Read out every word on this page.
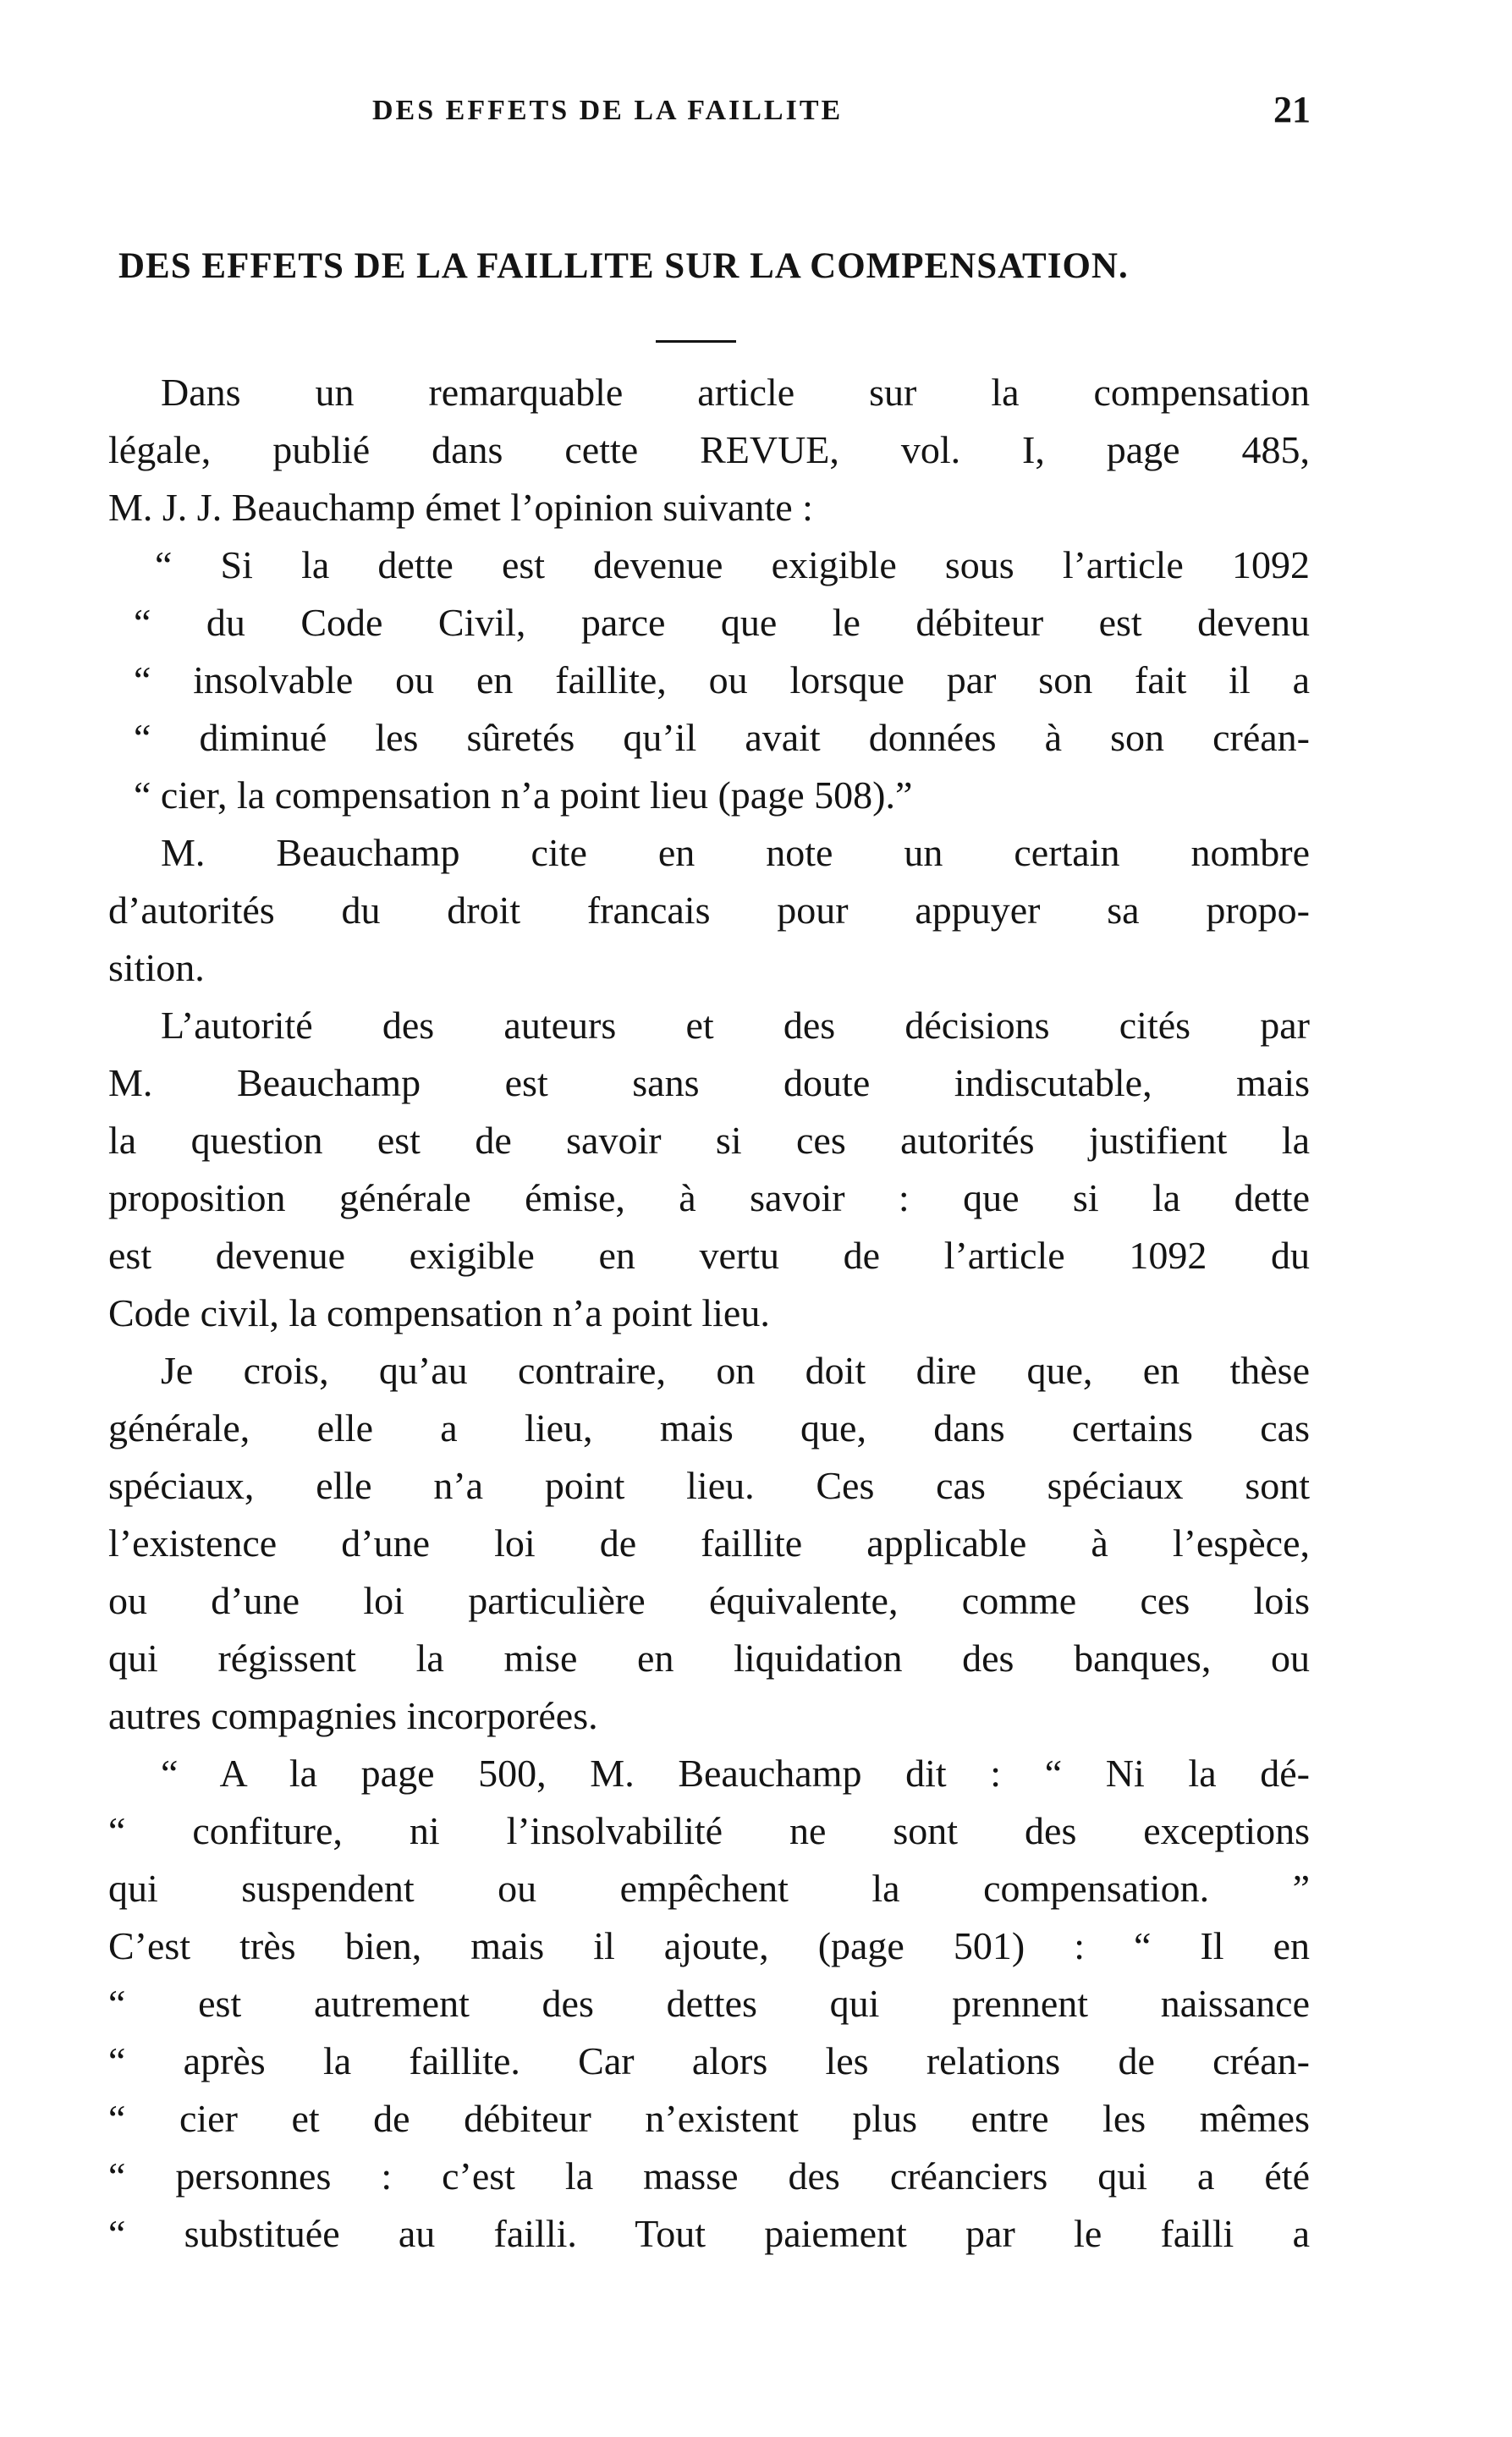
DES EFFETS DE LA FAILLITE	21
DES EFFETS DE LA FAILLITE SUR LA COMPENSATION.
Dans un remarquable article sur la compensation
légale, publié dans cette REVUE, vol. I, page 485,
M. J. J. Beauchamp émet l’opinion suivante :
“ Si la dette est devenue exigible sous l’article 1092
“ du Code Civil, parce que le débiteur est devenu
“ insolvable ou en faillite, ou lorsque par son fait il a
“ diminué les sûretés qu’il avait données à son créan-
“ cier, la compensation n’a point lieu (page 508).”
M. Beauchamp cite en note un certain nombre
d’autorités du droit francais pour appuyer sa propo-
sition.
L’autorité des auteurs et des décisions cités par
M. Beauchamp est sans doute indiscutable, mais
la question est de savoir si ces autorités justifient la
proposition générale émise, à savoir : que si la dette
est devenue exigible en vertu de l’article 1092 du
Code civil, la compensation n’a point lieu.
Je crois, qu’au contraire, on doit dire que, en thèse
générale, elle a lieu, mais que, dans certains cas
spéciaux, elle n’a point lieu. Ces cas spéciaux sont
l’existence d’une loi de faillite applicable à l’espèce,
ou d’une loi particulière équivalente, comme ces lois
qui régissent la mise en liquidation des banques, ou
autres compagnies incorporées.
“ A la page 500, M. Beauchamp dit : “ Ni la dé-
“ confiture, ni l’insolvabilité ne sont des exceptions
qui suspendent ou empêchent la compensation. ”
C’est très bien, mais il ajoute, (page 501) : “ Il en
“ est autrement des dettes qui prennent naissance
“ après la faillite. Car alors les relations de créan-
“ cier et de débiteur n’existent plus entre les mêmes
“ personnes : c’est la masse des créanciers qui a été
“ substituée au failli. Tout paiement par le failli a
